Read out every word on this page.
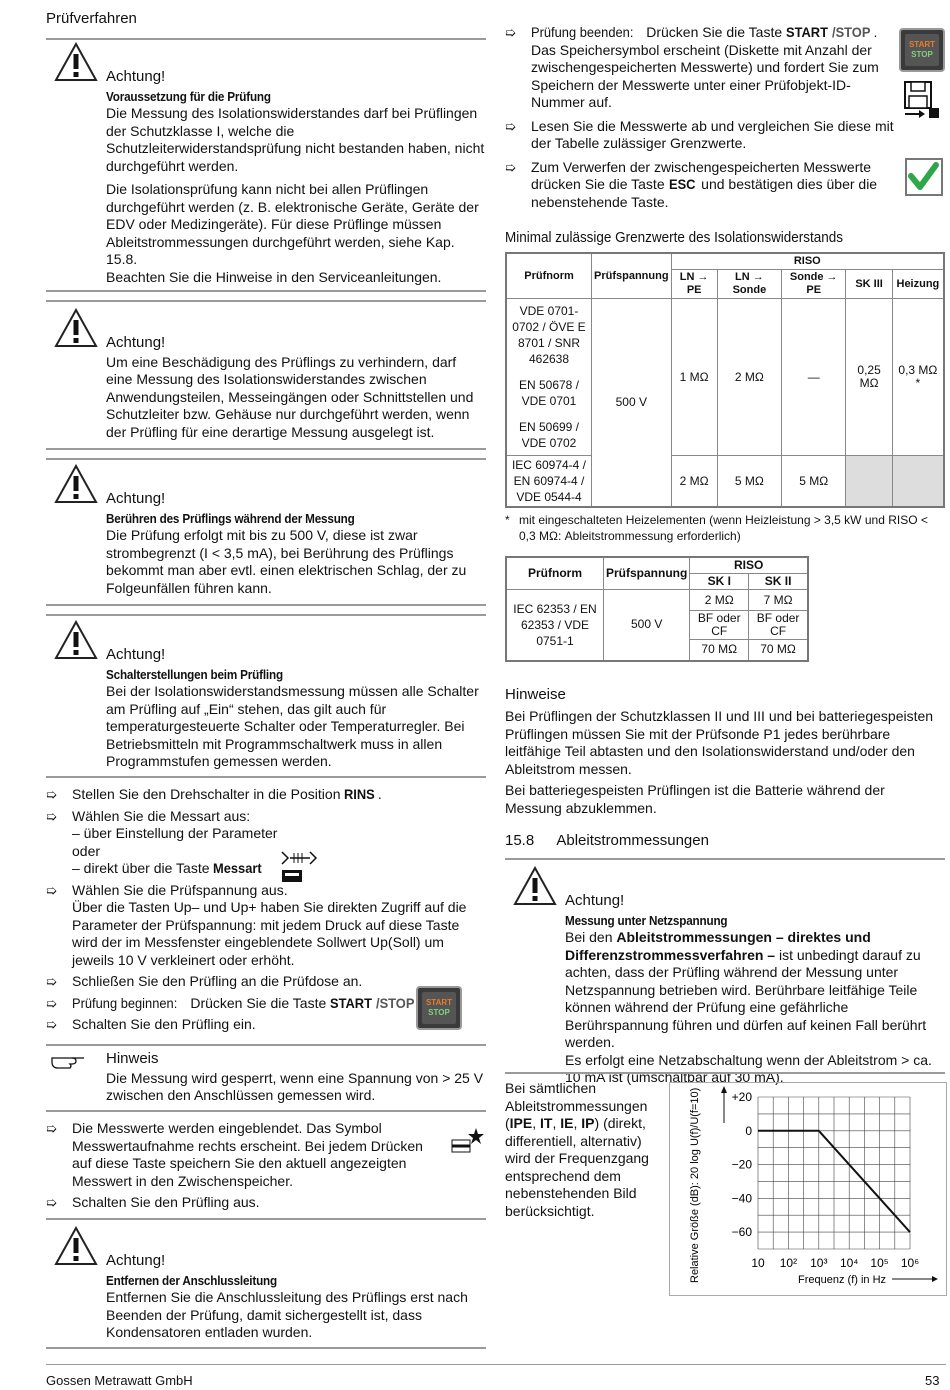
Prüfverfahren
Achtung!
Voraussetzung für die Prüfung

Die Messung des Isolationswiderstandes darf bei Prüflingen der Schutzklasse I, welche die Schutzleiterwiderstandsprüfung nicht bestanden haben, nicht durchgeführt werden.

Die Isolationsprüfung kann nicht bei allen Prüflingen durchgeführt werden (z. B. elektronische Geräte, Geräte der EDV oder Medizingeräte). Für diese Prüflinge müssen Ableitstrommessungen durchgeführt werden, siehe Kap. 15.8.

Beachten Sie die Hinweise in den Serviceanleitungen.

Achtung!

Um eine Beschädigung des Prüflings zu verhindern, darf eine Messung des Isolationswiderstandes zwischen Anwendungsteilen, Messeingängen oder Schnittstellen und Schutzleiter bzw. Gehäuse nur durchgeführt werden, wenn der Prüfling für eine derartige Messung ausgelegt ist.

Achtung!
Berühren des Prüflings während der Messung

Die Prüfung erfolgt mit bis zu 500 V, diese ist zwar strombegrenzt (I < 3,5 mA), bei Berührung des Prüflings bekommt man aber evtl. einen elektrischen Schlag, der zu Folgeunfällen führen kann.

Achtung!
Schalterstellungen beim Prüfling

Bei der Isolationswiderstandsmessung müssen alle Schalter am Prüfling auf „Ein“ stehen, das gilt auch für temperaturgesteuerte Schalter oder Temperaturregler. Bei Betriebsmitteln mit Programmschaltwerk muss in allen Programmstufen gemessen werden.

➯ Stellen Sie den Drehschalter in die Position RINS .
➯ Wählen Sie die Messart aus:
– über Einstellung der Parameter
oder
– direkt über die Taste Messart
➯ Wählen Sie die Prüfspannung aus.
Über die Tasten Up– und Up+ haben Sie direkten Zugriff auf die Parameter der Prüfspannung: mit jedem Druck auf diese Taste wird der im Messfenster eingeblendete Sollwert Up(Soll) um jeweils 10 V verkleinert oder erhöht.
➯ Schließen Sie den Prüfling an die Prüfdose an.
➯ Prüfung beginnen: Drücken Sie die Taste START /STOP
➯ Schalten Sie den Prüfling ein.
START
STOP
Hinweis
Die Messung wird gesperrt, wenn eine Spannung von > 25 V zwischen den Anschlüssen gemessen wird.
➯ Die Messwerte werden eingeblendet. Das Symbol Messwertaufnahme rechts erscheint. Bei jedem Drücken auf diese Taste speichern Sie den aktuell angezeigten Messwert in den Zwischenspeicher.
➯ Schalten Sie den Prüfling aus.
Achtung!
Entfernen der Anschlussleitung

Entfernen Sie die Anschlussleitung des Prüflings erst nach Beenden der Prüfung, damit sichergestellt ist, dass Kondensatoren entladen wurden.

➯ Prüfung beenden: Drücken Sie die Taste START /STOP .
Das Speichersymbol erscheint (Diskette mit Anzahl der zwischengespeicherten Messwerte) und fordert Sie zum Speichern der Messwerte unter einer Prüfobjekt-ID-Nummer auf.
➯ Lesen Sie die Messwerte ab und vergleichen Sie diese mit der Tabelle zulässiger Grenzwerte.
➯ Zum Verwerfen der zwischengespeicherten Messwerte drücken Sie die Taste ESC und bestätigen dies über die nebenstehende Taste.
START
STOP
Minimal zulässige Grenzwerte des Isolationswiderstands
Prüfnorm	Prüfspannung	RISO				
		LN → PE	LN → Sonde	Sonde → PE	SK III	Heizung

VDE 0701-0702 / ÖVE E 8701 / SNR 462638
EN 50678 / VDE 0701
EN 50699 / VDE 0702	500 V	1 MΩ	2 MΩ	—	0,25 MΩ	0,3 MΩ *
IEC 60974-4 / EN 60974-4 / VDE 0544-4		2 MΩ	5 MΩ	5 MΩ		
* mit eingeschalteten Heizelementen (wenn Heizleistung > 3,5 kW und RISO < 0,3 MΩ: Ableitstrommessung erforderlich)
Prüfnorm	Prüfspannung	RISO	
		SK I	SK II
IEC 62353 / EN 62353 / VDE 0751-1	500 V	2 MΩ	7 MΩ
		BF oder CF	BF oder CF
		70 MΩ	70 MΩ
Hinweise

Bei Prüflingen der Schutzklassen II und III und bei batteriegespeisten Prüflingen müssen Sie mit der Prüfsonde P1 jedes berührbare leitfähige Teil abtasten und den Isolationswiderstand und/oder den Ableitstrom messen.

Bei batteriegespeisten Prüflingen ist die Batterie während der Messung abzuklemmen.

15.8 Ableitstrommessungen
Achtung!
Messung unter Netzspannung

Bei den Ableitstrommessungen – direktes und Differenzstrommessverfahren – ist unbedingt darauf zu achten, dass der Prüfling während der Messung unter Netzspannung betrieben wird. Berührbare leitfähige Teile können während der Prüfung eine gefährliche Berührspannung führen und dürfen auf keinen Fall berührt werden.

Es erfolgt eine Netzabschaltung wenn der Ableitstrom > ca. 10 mA ist (umschaltbar auf 30 mA).

Bei sämtlichen Ableitstrommessungen (IPE, IT, IE, IP) (direkt, differentiell, alternativ) wird der Frequenzgang entsprechend dem nebenstehenden Bild berücksichtigt.
+20
0
−20
−40
−60
10 10² 10³ 10⁴ 10⁵ 10⁶
Frequenz (f) in Hz
Relative Größe (dB): 20 log U(f)/U(f=10)
Gossen Metrawatt GmbH	53
